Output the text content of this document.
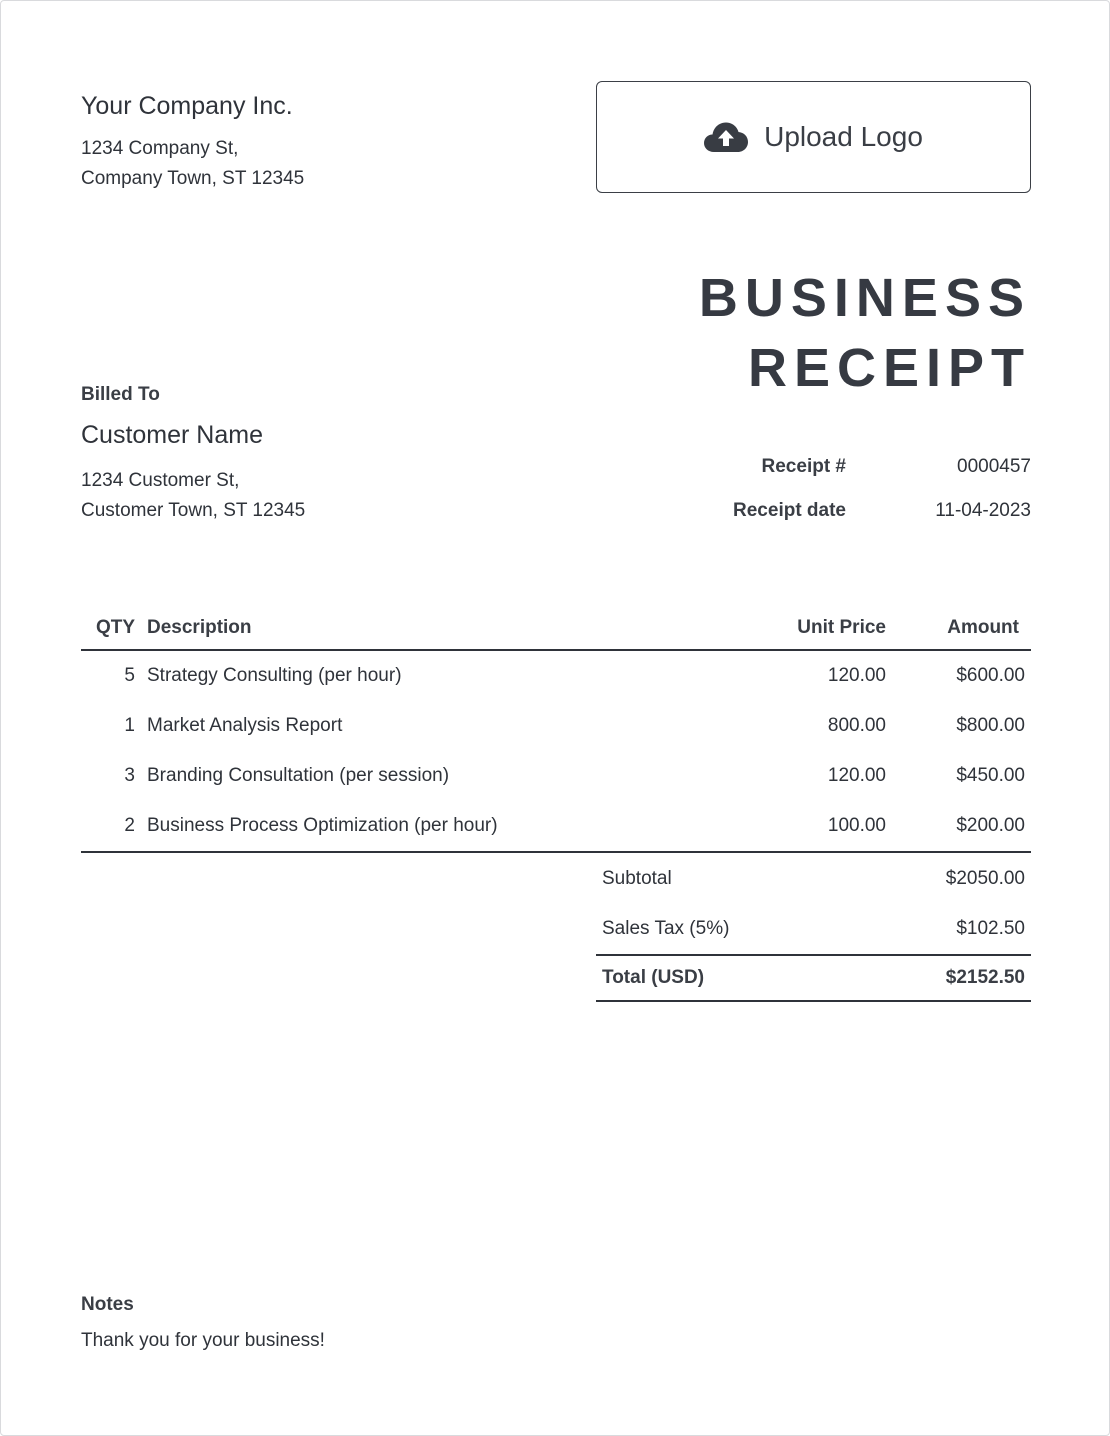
Your Company Inc.
1234 Company St,
Company Town, ST 12345
Upload Logo
BUSINESS
RECEIPT
Billed To
Customer Name
1234 Customer St,
Customer Town, ST 12345
Receipt #	0000457
Receipt date	11-04-2023
QTY Description	Unit Price	Amount
5 Strategy Consulting (per hour)	120.00	$600.00
1 Market Analysis Report	800.00	$800.00
3 Branding Consultation (per session)	120.00	$450.00
2 Business Process Optimization (per hour)	100.00	$200.00
Subtotal	$2050.00
Sales Tax (5%)	$102.50
Total (USD)	$2152.50
Notes
Thank you for your business!
